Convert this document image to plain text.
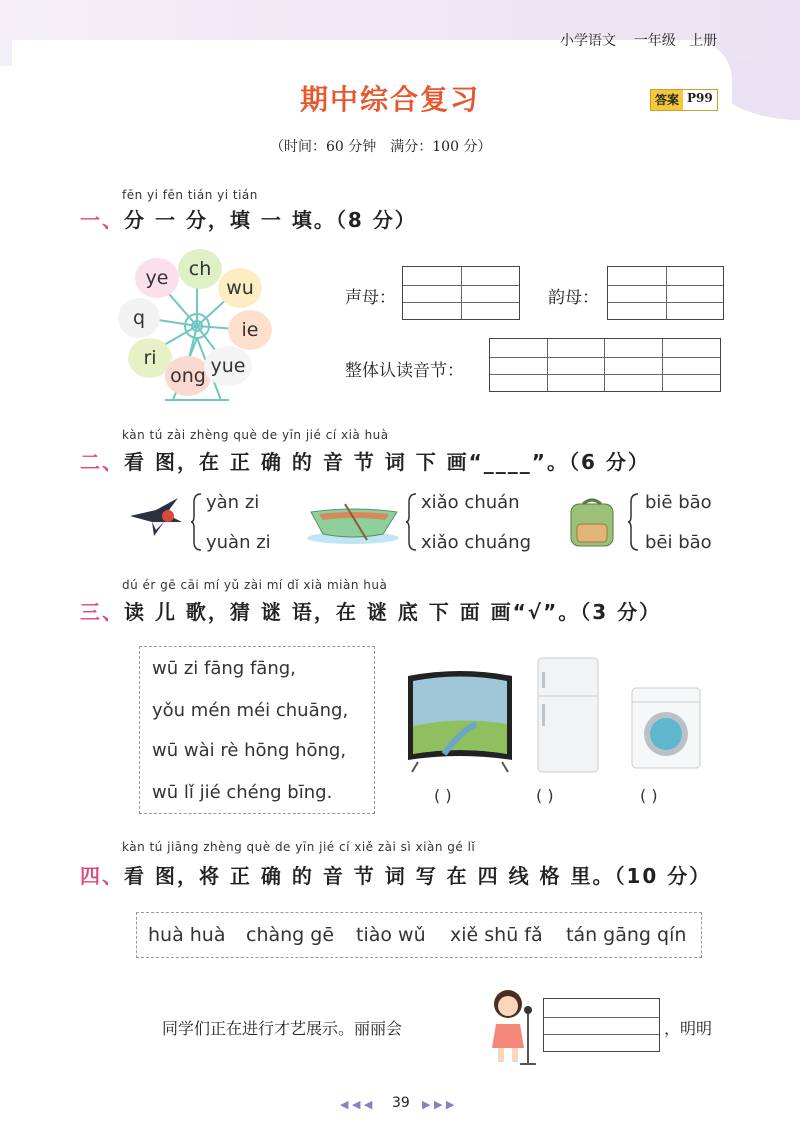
小学语文 一年级 上册
期中综合复习	答案 P99
（时间：60 分钟　满分：100 分）
fēn yi fēn tián yi tián
一、分 一 分，填 一 填。（8 分）
ch
ye	wu
q
ie
ri
ong yue
声母：	韵母：
整体认读音节：
kàn tú zài zhèng què de yīn jié cí xià huà
二、看 图，在 正 确 的 音 节 词 下 画“____”。（6 分）
yàn zi
yuàn zi
xiǎo chuán
xiǎo chuáng
biē bāo
bēi bāo
dú ér gē cāi mí yǔ zài mí dǐ xià miàn huà
三、读 儿 歌，猜 谜 语，在 谜 底 下 面 画“√”。（3 分）
wū zi fāng fāng,
yǒu mén méi chuāng,
wū wài rè hōng hōng,
wū lǐ jié chéng bīng.	( )	( )	( )
kàn tú jiāng zhèng què de yīn jié cí xiě zài sì xiàn gé lǐ
四、看 图，将 正 确 的 音 节 词 写 在 四 线 格 里。（10 分）
huà huà chàng gē tiào wǔ xiě shū fǎ tán gāng qín
同学们正在进行才艺展示。丽丽会	，明明
◀ ◀ ◀ 39 ▶ ▶ ▶
